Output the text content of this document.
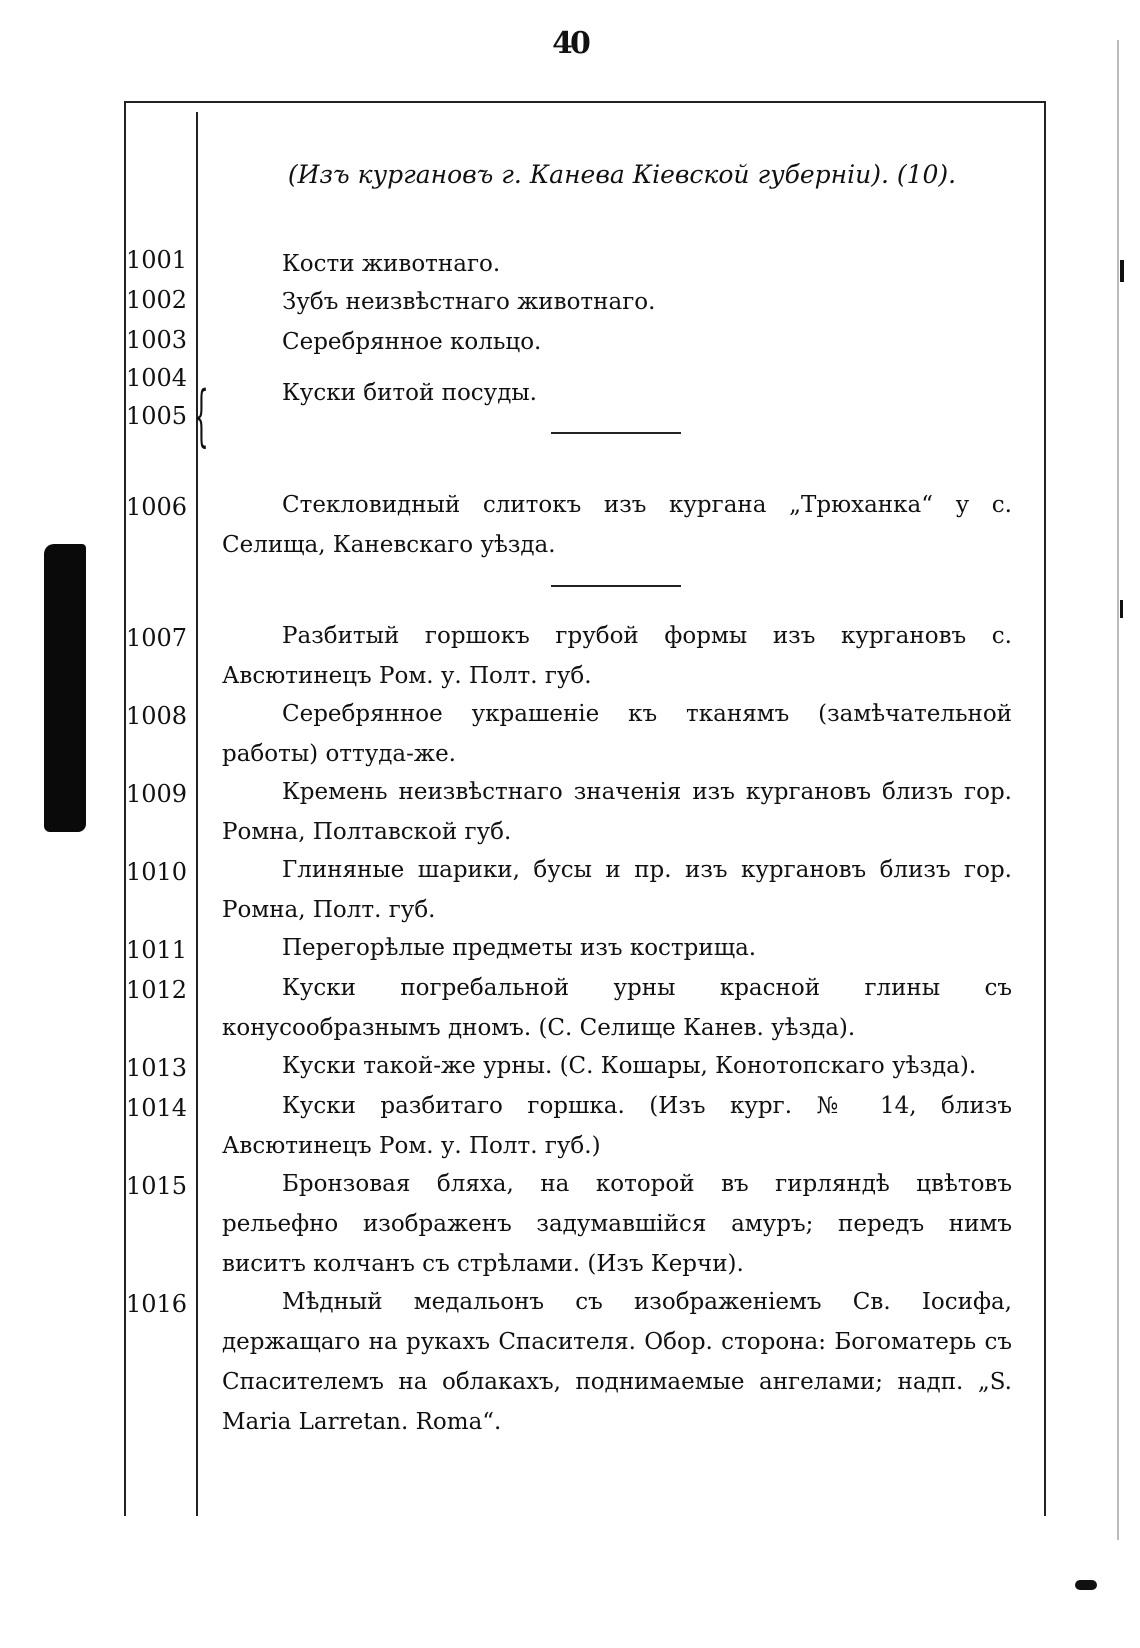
40
(Изъ кургановъ г. Канева Кіевской губерніи). (10).
1001
1002
1003
1004
1005
1006
1007
1008
1009
1010
1011
1012
1013
1014
1015
1016
{
Кости животнаго.
Зубъ неизвѣстнаго животнаго.
Серебрянное кольцо.
Куски битой посуды.
Стекловидный слитокъ изъ кургана „Трюханка“ у с. Селища, Каневскаго уѣзда.
Разбитый горшокъ грубой формы изъ кургановъ с. Авсютинецъ Ром. у. Полт. губ.
Серебрянное украшеніе къ тканямъ (замѣчательной работы) оттуда-же.
Кремень неизвѣстнаго значенія изъ кургановъ близъ гор. Ромна, Полтавской губ.
Глиняные шарики, бусы и пр. изъ кургановъ близъ гор. Ромна, Полт. губ.
Перегорѣлые предметы изъ кострища.
Куски погребальной урны красной глины съ конусообразнымъ дномъ. (С. Селище Канев. уѣзда).
Куски такой-же урны. (С. Кошары, Конотопскаго уѣзда).
Куски разбитаго горшка. (Изъ кург. № 14, близъ Авсютинецъ Ром. у. Полт. губ.)
Бронзовая бляха, на которой въ гирляндѣ цвѣтовъ рельефно изображенъ задумавшійся амуръ; передъ нимъ виситъ колчанъ съ стрѣлами. (Изъ Керчи).
Мѣдный медальонъ съ изображеніемъ Св. Іосифа, держащаго на рукахъ Спасителя. Обор. сторона: Богоматерь съ Спасителемъ на облакахъ, поднимаемые ангелами; надп. „S. Maria Larretan. Roma“.
